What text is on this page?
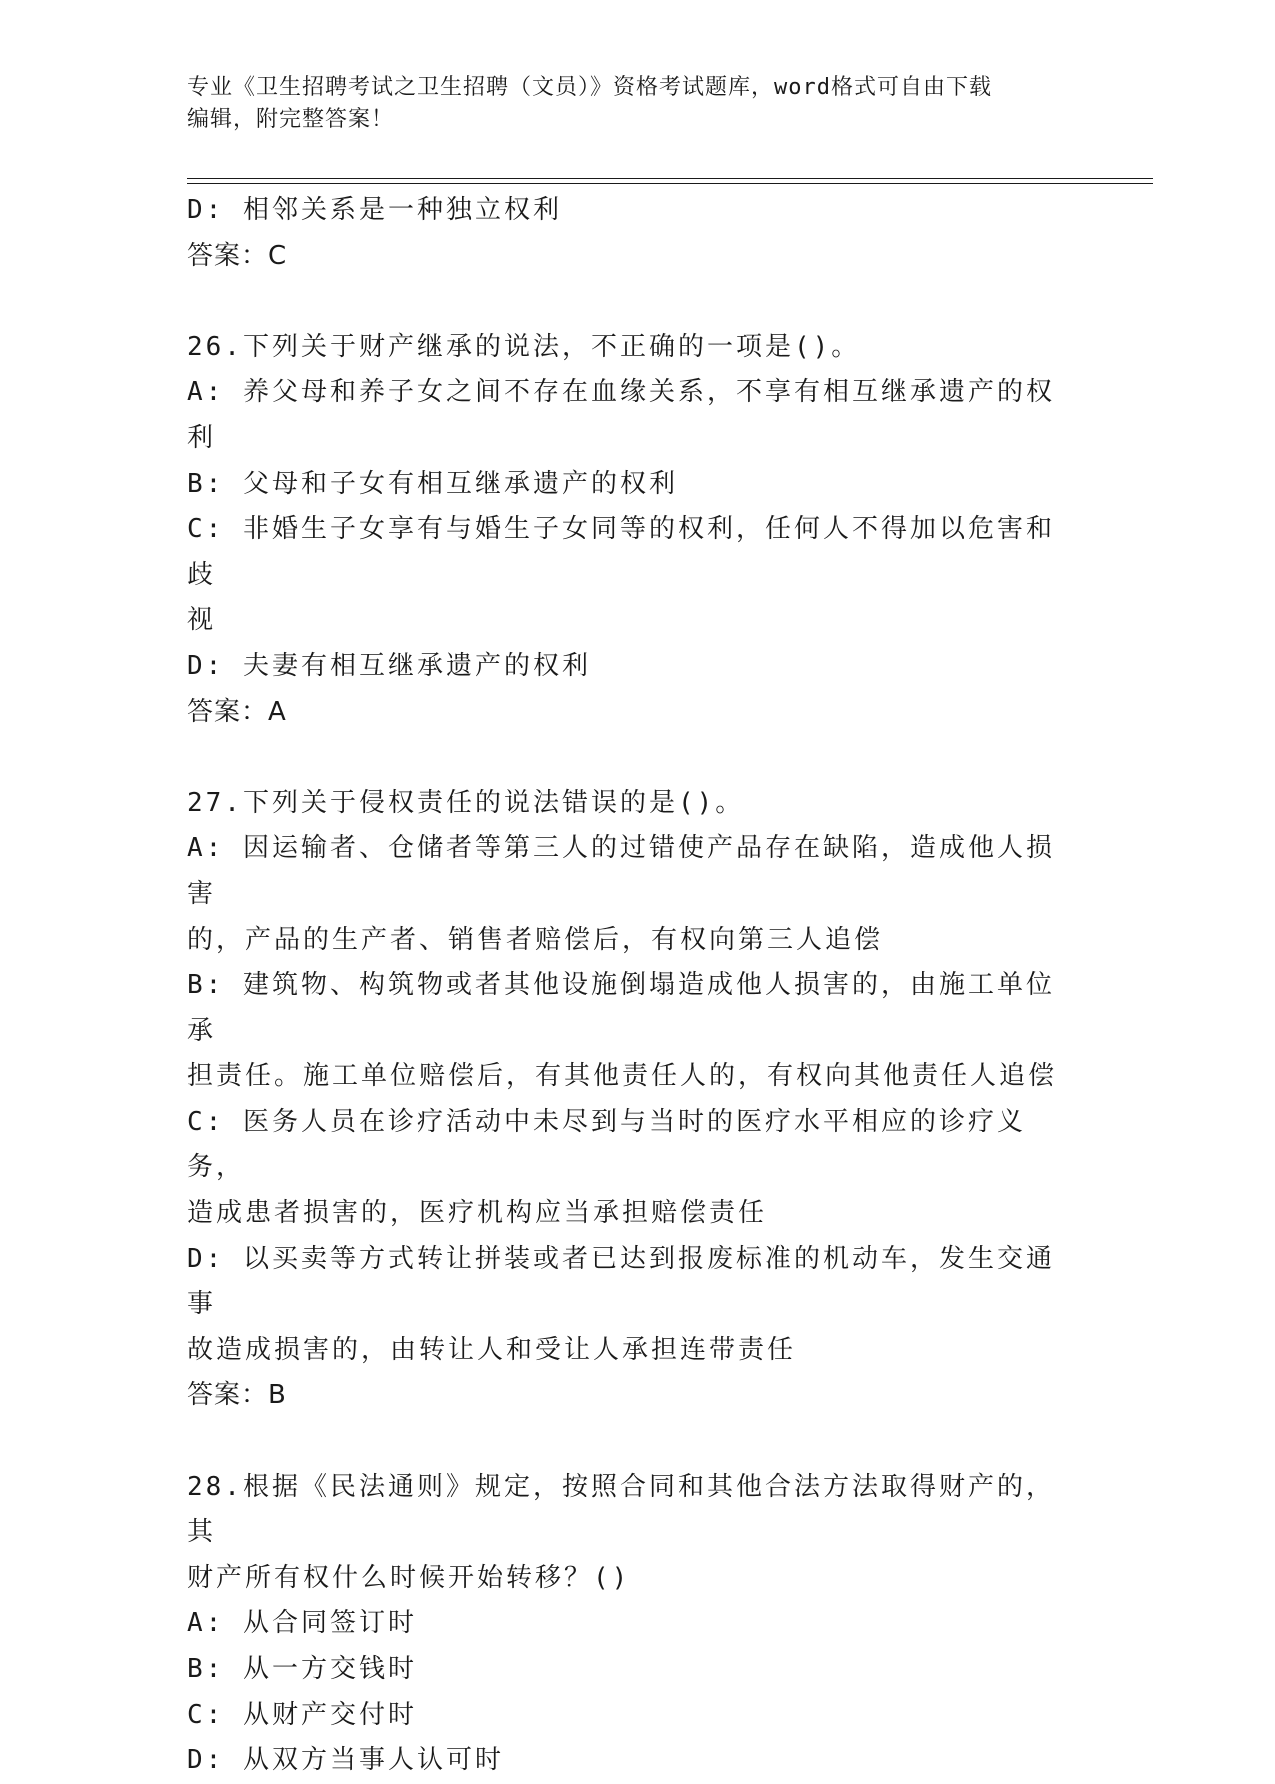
专业《卫生招聘考试之卫生招聘（文员）》资格考试题库，word格式可自由下载
编辑，附完整答案！
D: 相邻关系是一种独立权利
答案：C
26.下列关于财产继承的说法，不正确的一项是()。
A: 养父母和养子女之间不存在血缘关系，不享有相互继承遗产的权利
B: 父母和子女有相互继承遗产的权利
C: 非婚生子女享有与婚生子女同等的权利，任何人不得加以危害和歧
视
D: 夫妻有相互继承遗产的权利
答案：A
27.下列关于侵权责任的说法错误的是()。
A: 因运输者、仓储者等第三人的过错使产品存在缺陷，造成他人损害
的，产品的生产者、销售者赔偿后，有权向第三人追偿
B: 建筑物、构筑物或者其他设施倒塌造成他人损害的，由施工单位承
担责任。施工单位赔偿后，有其他责任人的，有权向其他责任人追偿
C: 医务人员在诊疗活动中未尽到与当时的医疗水平相应的诊疗义务，
造成患者损害的，医疗机构应当承担赔偿责任
D: 以买卖等方式转让拼装或者已达到报废标准的机动车，发生交通事
故造成损害的，由转让人和受让人承担连带责任
答案：B
28.根据《民法通则》规定，按照合同和其他合法方法取得财产的，其
财产所有权什么时候开始转移？()
A: 从合同签订时
B: 从一方交钱时
C: 从财产交付时
D: 从双方当事人认可时
